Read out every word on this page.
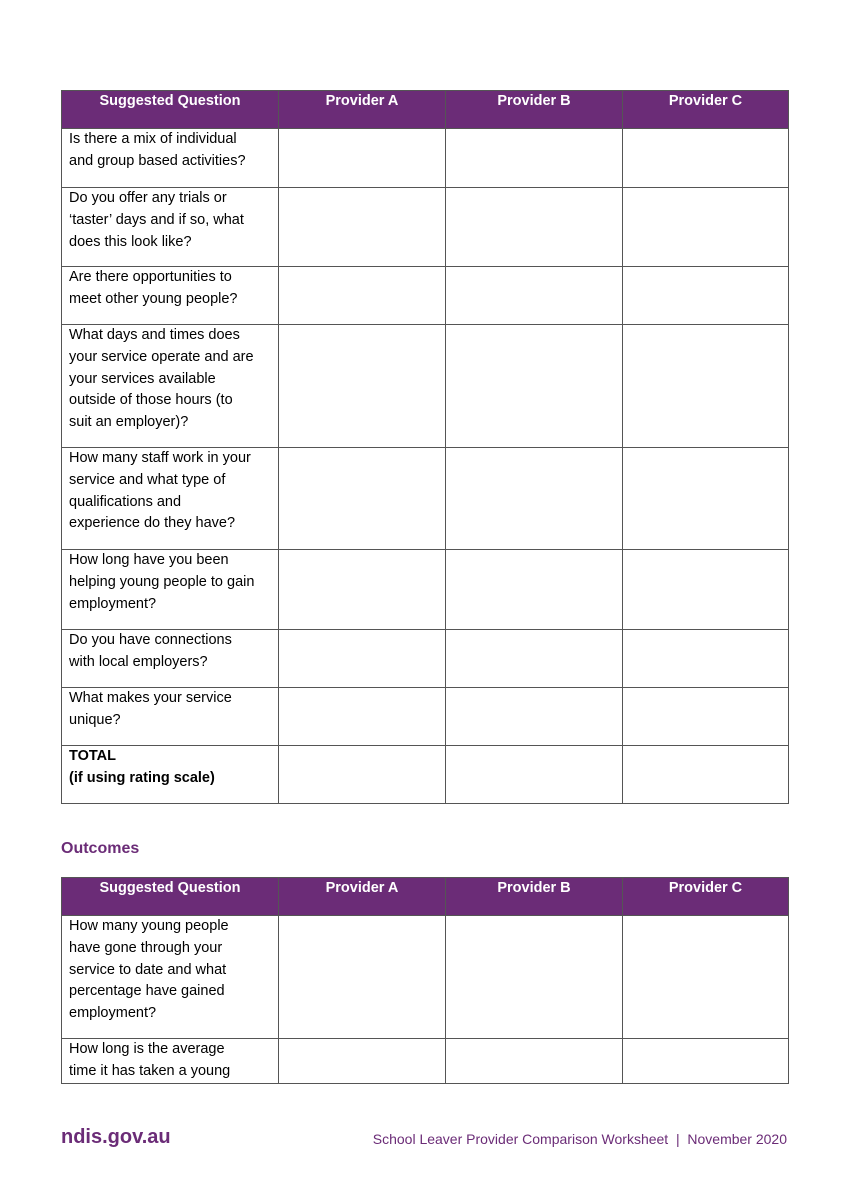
Suggested Question	Provider A	Provider B	Provider C

Is there a mix of individual
and group based activities?			

Do you offer any trials or
‘taster’ days and if so, what
does this look like?			

Are there opportunities to
meet other young people?			

What days and times does
your service operate and are
your services available
outside of those hours (to
suit an employer)?			

How many staff work in your
service and what type of
qualifications and
experience do they have?			

How long have you been
helping young people to gain
employment?			

Do you have connections
with local employers?			

What makes your service
unique?			

TOTAL
(if using rating scale)			

Outcomes
Suggested Question	Provider A	Provider B	Provider C

How many young people
have gone through your
service to date and what
percentage have gained
employment?			

How long is the average
time it has taken a young			

ndis.gov.au	School Leaver Provider Comparison Worksheet  |  November 2020
